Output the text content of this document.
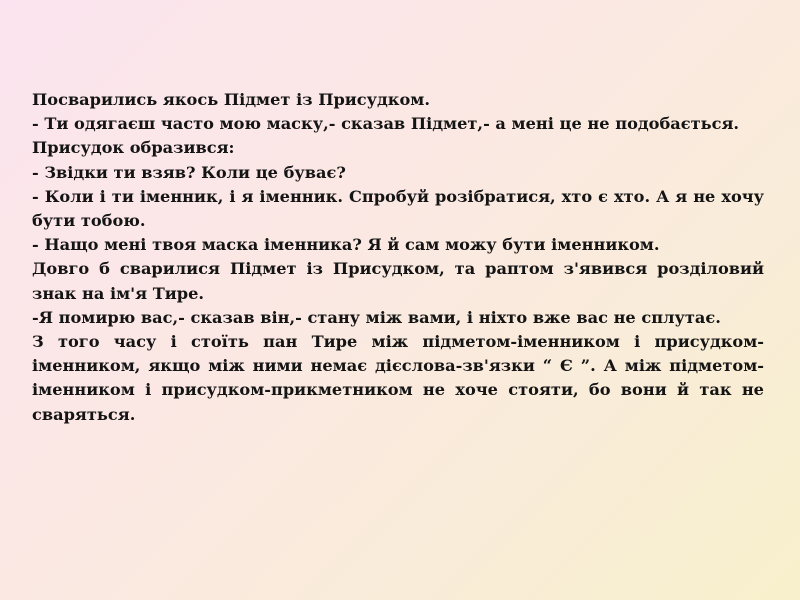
Посварились якось Підмет із Присудком.

- Ти одягаєш часто мою маску,- сказав Підмет,- а мені це не подобається.

Присудок образився:

- Звідки ти взяв? Коли це буває?

- Коли і ти іменник, і я іменник. Спробуй розібратися, хто є хто. А я не хочу бути тобою.

- Нащо мені твоя маска іменника? Я й сам можу бути іменником.

Довго б сварилися Підмет із Присудком, та раптом з'явився розділовий знак на ім'я Тире.

-Я помирю вас,- сказав він,- стану між вами, і ніхто вже вас не сплутає.

З того часу і стоїть пан Тире між підметом-іменником і присудком-іменником, якщо між ними немає дієслова-зв'язки “ Є ”. А між підметом-іменником і присудком-прикметником не хоче стояти, бо вони й так не сваряться.
